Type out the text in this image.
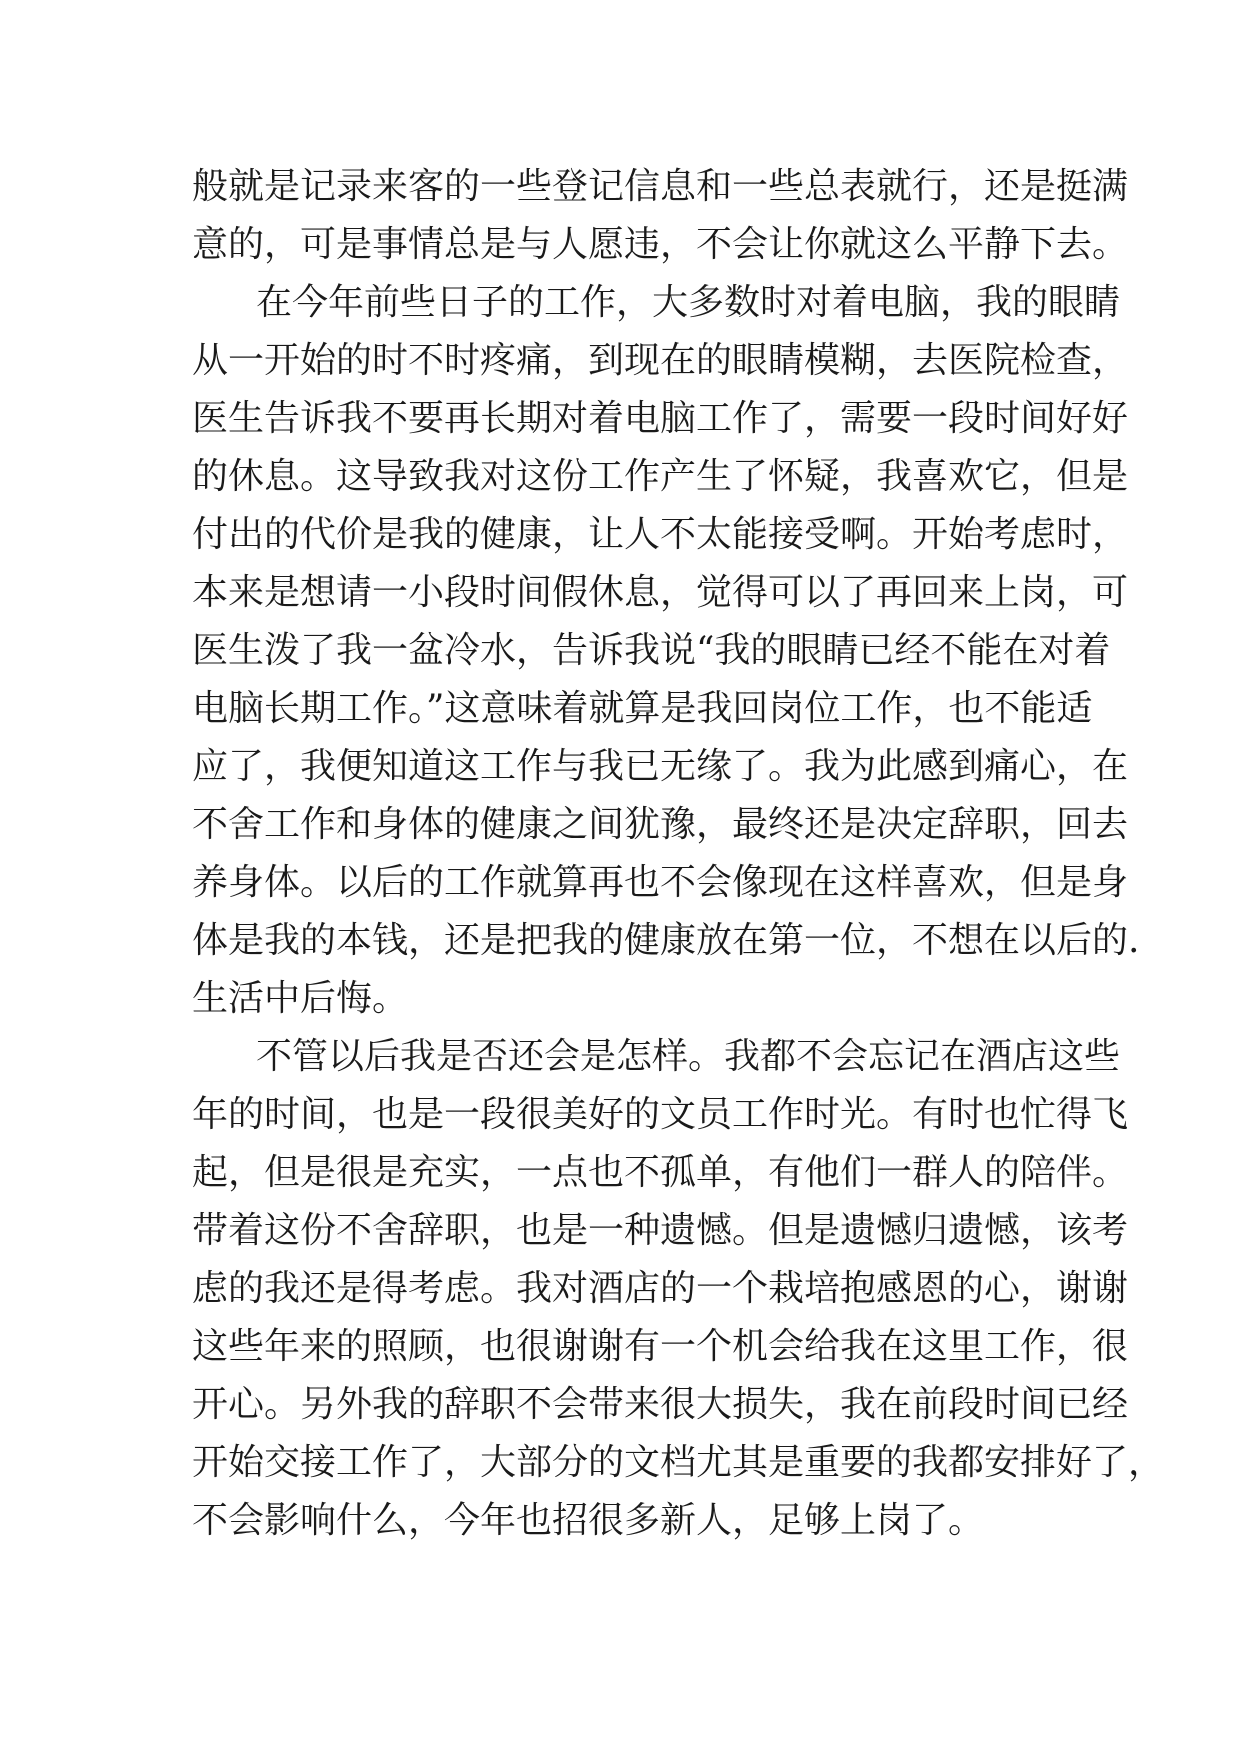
般就是记录来客的一些登记信息和一些总表就行，还是挺满
意的，可是事情总是与人愿违，不会让你就这么平静下去。
在今年前些日子的工作，大多数时对着电脑，我的眼睛
从一开始的时不时疼痛，到现在的眼睛模糊，去医院检查，
医生告诉我不要再长期对着电脑工作了，需要一段时间好好
的休息。这导致我对这份工作产生了怀疑，我喜欢它，但是
付出的代价是我的健康，让人不太能接受啊。开始考虑时，
本来是想请一小段时间假休息，觉得可以了再回来上岗，可
医生泼了我一盆冷水，告诉我说“我的眼睛已经不能在对着
电脑长期工作。”这意味着就算是我回岗位工作，也不能适
应了，我便知道这工作与我已无缘了。我为此感到痛心，在
不舍工作和身体的健康之间犹豫，最终还是决定辞职，回去
养身体。以后的工作就算再也不会像现在这样喜欢，但是身
体是我的本钱，还是把我的健康放在第一位，不想在以后的.
生活中后悔。
不管以后我是否还会是怎样。我都不会忘记在酒店这些
年的时间，也是一段很美好的文员工作时光。有时也忙得飞
起，但是很是充实，一点也不孤单，有他们一群人的陪伴。
带着这份不舍辞职，也是一种遗憾。但是遗憾归遗憾，该考
虑的我还是得考虑。我对酒店的一个栽培抱感恩的心，谢谢
这些年来的照顾，也很谢谢有一个机会给我在这里工作，很
开心。另外我的辞职不会带来很大损失，我在前段时间已经
开始交接工作了，大部分的文档尤其是重要的我都安排好了，
不会影响什么，今年也招很多新人，足够上岗了。
